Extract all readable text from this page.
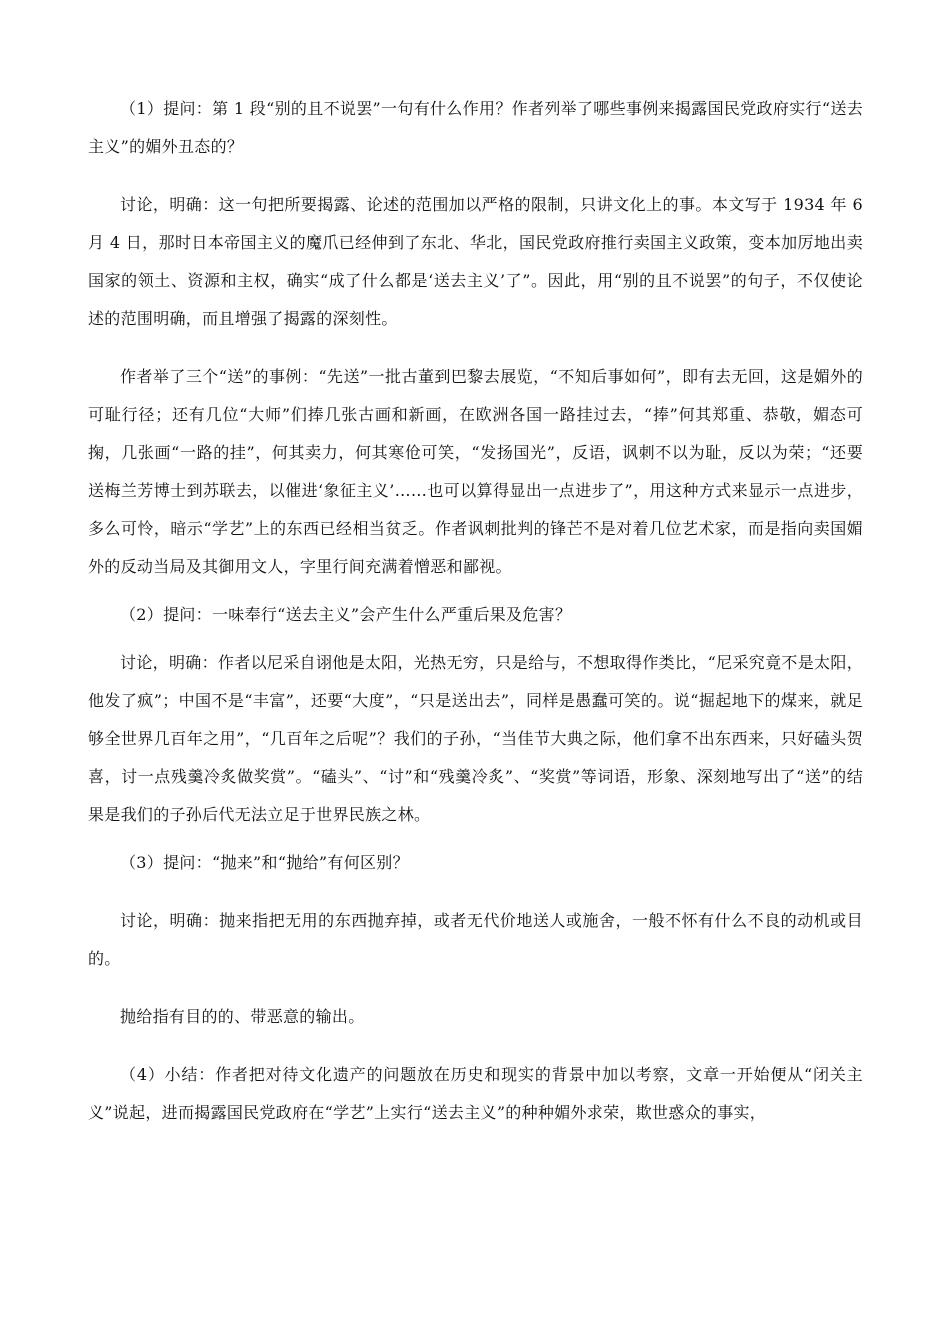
（1）提问：第 1 段“别的且不说罢”一句有什么作用？作者列举了哪些事例来揭露国民党政府实行“送去主义”的媚外丑态的？

讨论，明确：这一句把所要揭露、论述的范围加以严格的限制，只讲文化上的事。本文写于 1934 年 6 月 4 日，那时日本帝国主义的魔爪已经伸到了东北、华北，国民党政府推行卖国主义政策，变本加厉地出卖国家的领土、资源和主权，确实“成了什么都是‘送去主义’了”。因此，用“别的且不说罢”的句子，不仅使论述的范围明确，而且增强了揭露的深刻性。

作者举了三个“送”的事例：“先送”一批古董到巴黎去展览，“不知后事如何”，即有去无回，这是媚外的可耻行径；还有几位“大师”们捧几张古画和新画，在欧洲各国一路挂过去，“捧”何其郑重、恭敬，媚态可掬，几张画“一路的挂”，何其卖力，何其寒伧可笑，“发扬国光”，反语，讽刺不以为耻，反以为荣；“还要送梅兰芳博士到苏联去，以催进‘象征主义’……也可以算得显出一点进步了”，用这种方式来显示一点进步，多么可怜，暗示“学艺”上的东西已经相当贫乏。作者讽刺批判的锋芒不是对着几位艺术家，而是指向卖国媚外的反动当局及其御用文人，字里行间充满着憎恶和鄙视。

（2）提问：一味奉行“送去主义”会产生什么严重后果及危害？

讨论，明确：作者以尼采自诩他是太阳，光热无穷，只是给与，不想取得作类比，“尼采究竟不是太阳，他发了疯”；中国不是“丰富”，还要“大度”，“只是送出去”，同样是愚蠢可笑的。说“掘起地下的煤来，就足够全世界几百年之用”，“几百年之后呢”？我们的子孙，“当佳节大典之际，他们拿不出东西来，只好磕头贺喜，讨一点残羹冷炙做奖赏”。“磕头”、“讨”和“残羹冷炙”、“奖赏”等词语，形象、深刻地写出了“送”的结果是我们的子孙后代无法立足于世界民族之林。

（3）提问：“抛来”和“抛给”有何区别？

讨论，明确：抛来指把无用的东西抛弃掉，或者无代价地送人或施舍，一般不怀有什么不良的动机或目的。

抛给指有目的的、带恶意的输出。

（4）小结：作者把对待文化遗产的问题放在历史和现实的背景中加以考察，文章一开始便从“闭关主义”说起，进而揭露国民党政府在“学艺”上实行“送去主义”的种种媚外求荣，欺世惑众的事实，
